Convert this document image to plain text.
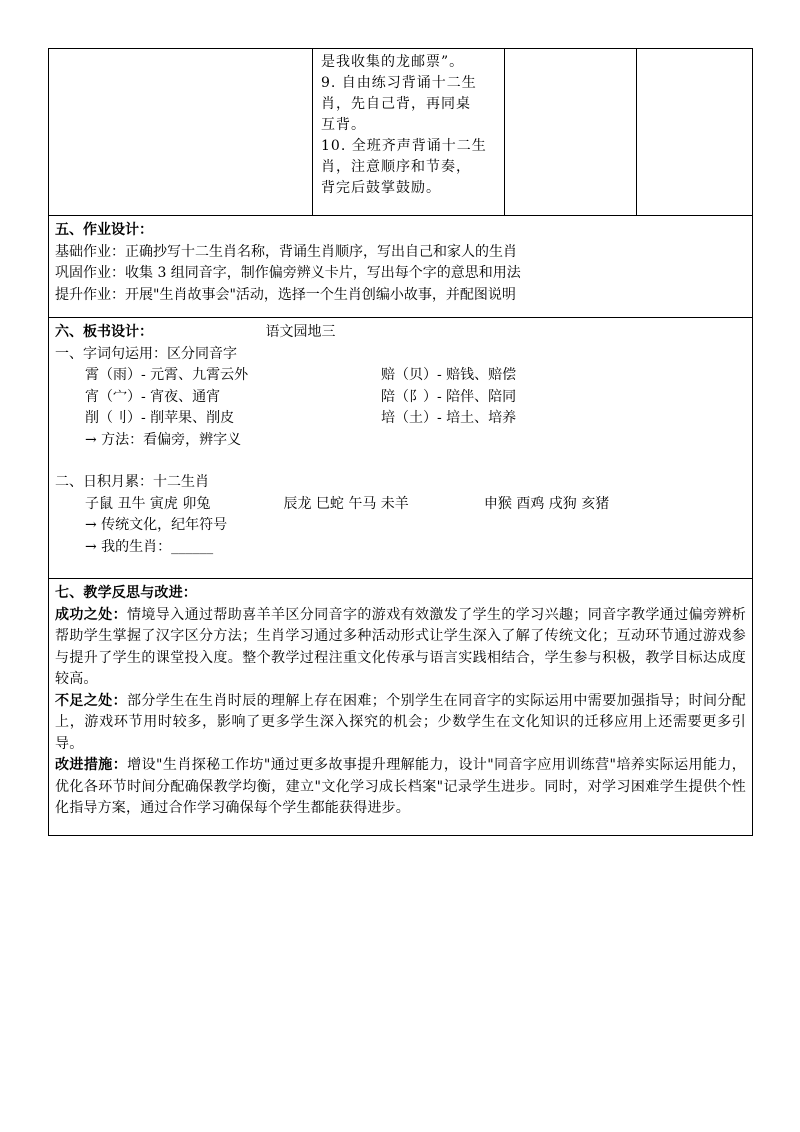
是我收集的龙邮票”。
9. 自由练习背诵十二生
肖，先自己背，再同桌
互背。
10. 全班齐声背诵十二生
肖，注意顺序和节奏，
背完后鼓掌鼓励。
五、作业设计：
基础作业：正确抄写十二生肖名称，背诵生肖顺序，写出自己和家人的生肖
巩固作业：收集 3 组同音字，制作偏旁辨义卡片，写出每个字的意思和用法
提升作业：开展"生肖故事会"活动，选择一个生肖创编小故事，并配图说明
六、板书设计：	语文园地三
一、字词句运用：区分同音字
霄（雨）- 元霄、九霄云外	赔（贝）- 赔钱、赔偿
宵（宀）- 宵夜、通宵	陪（阝）- 陪伴、陪同
削（刂）- 削苹果、削皮	培（土）- 培土、培养
→ 方法：看偏旁，辨字义
二、日积月累：十二生肖
子鼠 丑牛 寅虎 卯兔	辰龙 巳蛇 午马 未羊	申猴 酉鸡 戌狗 亥猪
→ 传统文化，纪年符号
→ 我的生肖：______
七、教学反思与改进：
成功之处：情境导入通过帮助喜羊羊区分同音字的游戏有效激发了学生的学习兴趣；同音字教学通过偏旁辨析帮助学生掌握了汉字区分方法；生肖学习通过多种活动形式让学生深入了解了传统文化；互动环节通过游戏参与提升了学生的课堂投入度。整个教学过程注重文化传承与语言实践相结合，学生参与积极，教学目标达成度较高。
不足之处：部分学生在生肖时辰的理解上存在困难；个别学生在同音字的实际运用中需要加强指导；时间分配上，游戏环节用时较多，影响了更多学生深入探究的机会；少数学生在文化知识的迁移应用上还需要更多引导。
改进措施：增设"生肖探秘工作坊"通过更多故事提升理解能力，设计"同音字应用训练营"培养实际运用能力，优化各环节时间分配确保教学均衡，建立"文化学习成长档案"记录学生进步。同时，对学习困难学生提供个性化指导方案，通过合作学习确保每个学生都能获得进步。
